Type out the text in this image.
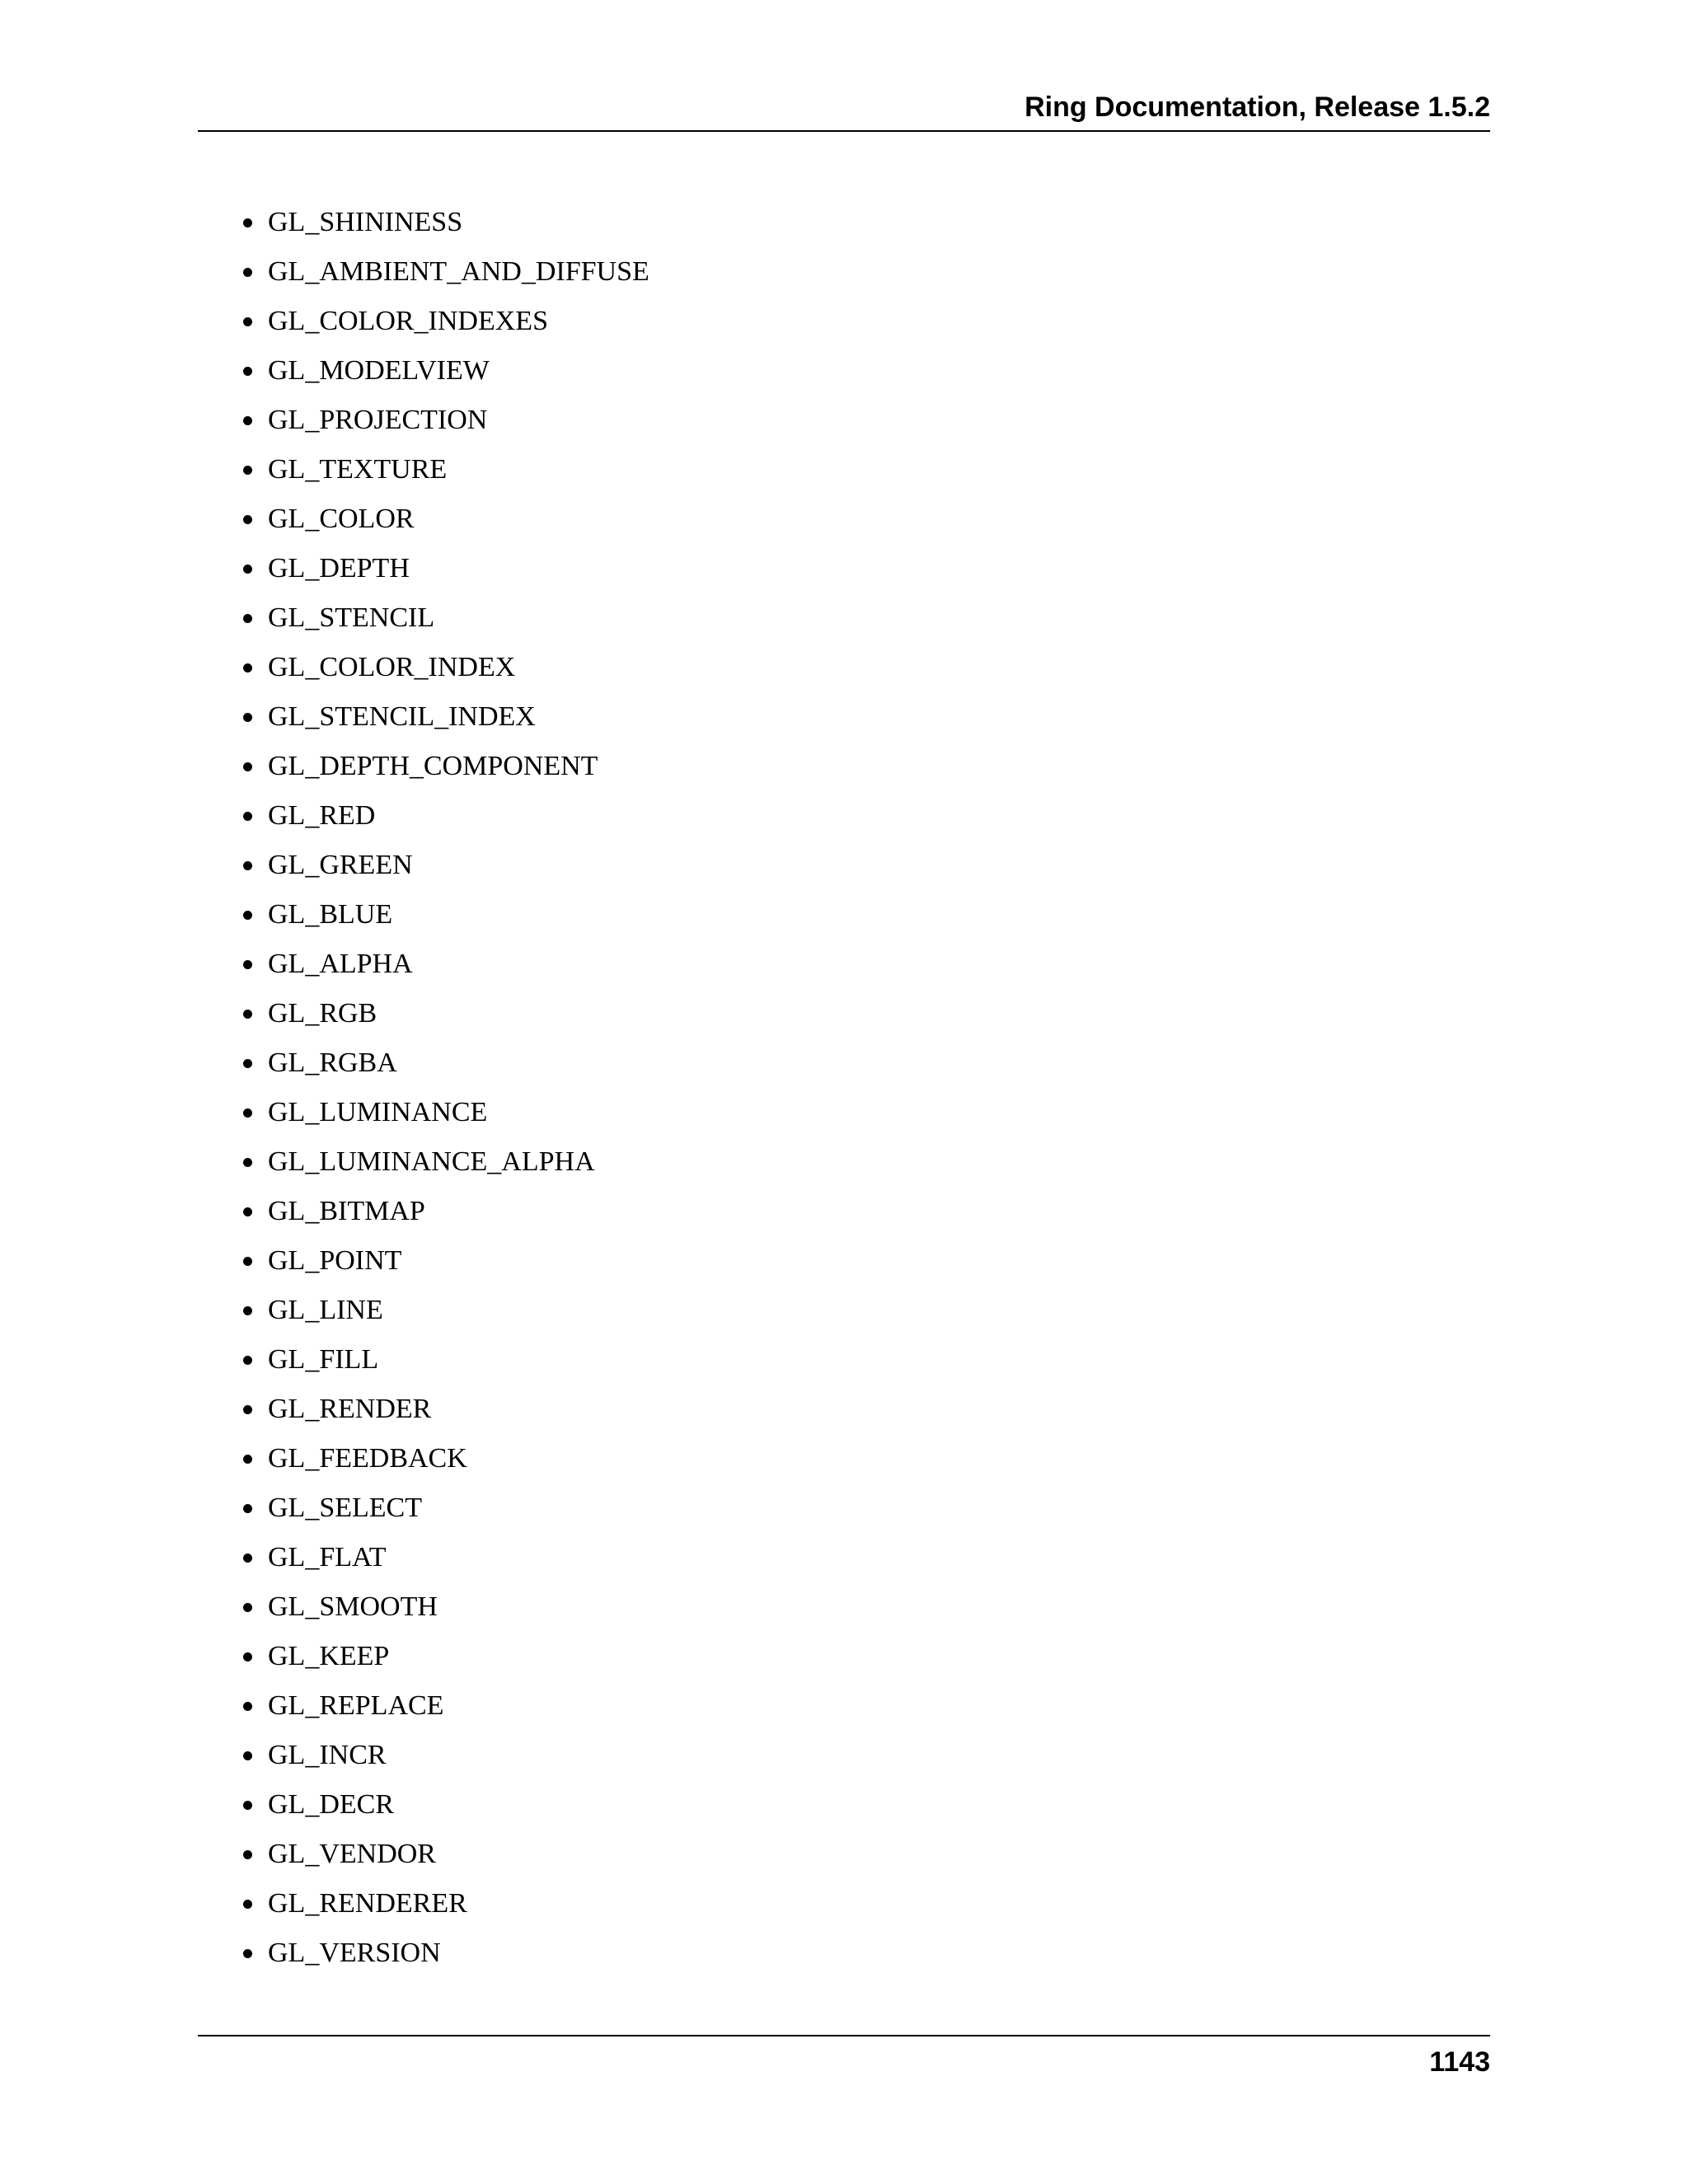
Ring Documentation, Release 1.5.2
GL_SHININESS
GL_AMBIENT_AND_DIFFUSE
GL_COLOR_INDEXES
GL_MODELVIEW
GL_PROJECTION
GL_TEXTURE
GL_COLOR
GL_DEPTH
GL_STENCIL
GL_COLOR_INDEX
GL_STENCIL_INDEX
GL_DEPTH_COMPONENT
GL_RED
GL_GREEN
GL_BLUE
GL_ALPHA
GL_RGB
GL_RGBA
GL_LUMINANCE
GL_LUMINANCE_ALPHA
GL_BITMAP
GL_POINT
GL_LINE
GL_FILL
GL_RENDER
GL_FEEDBACK
GL_SELECT
GL_FLAT
GL_SMOOTH
GL_KEEP
GL_REPLACE
GL_INCR
GL_DECR
GL_VENDOR
GL_RENDERER
GL_VERSION
1143
